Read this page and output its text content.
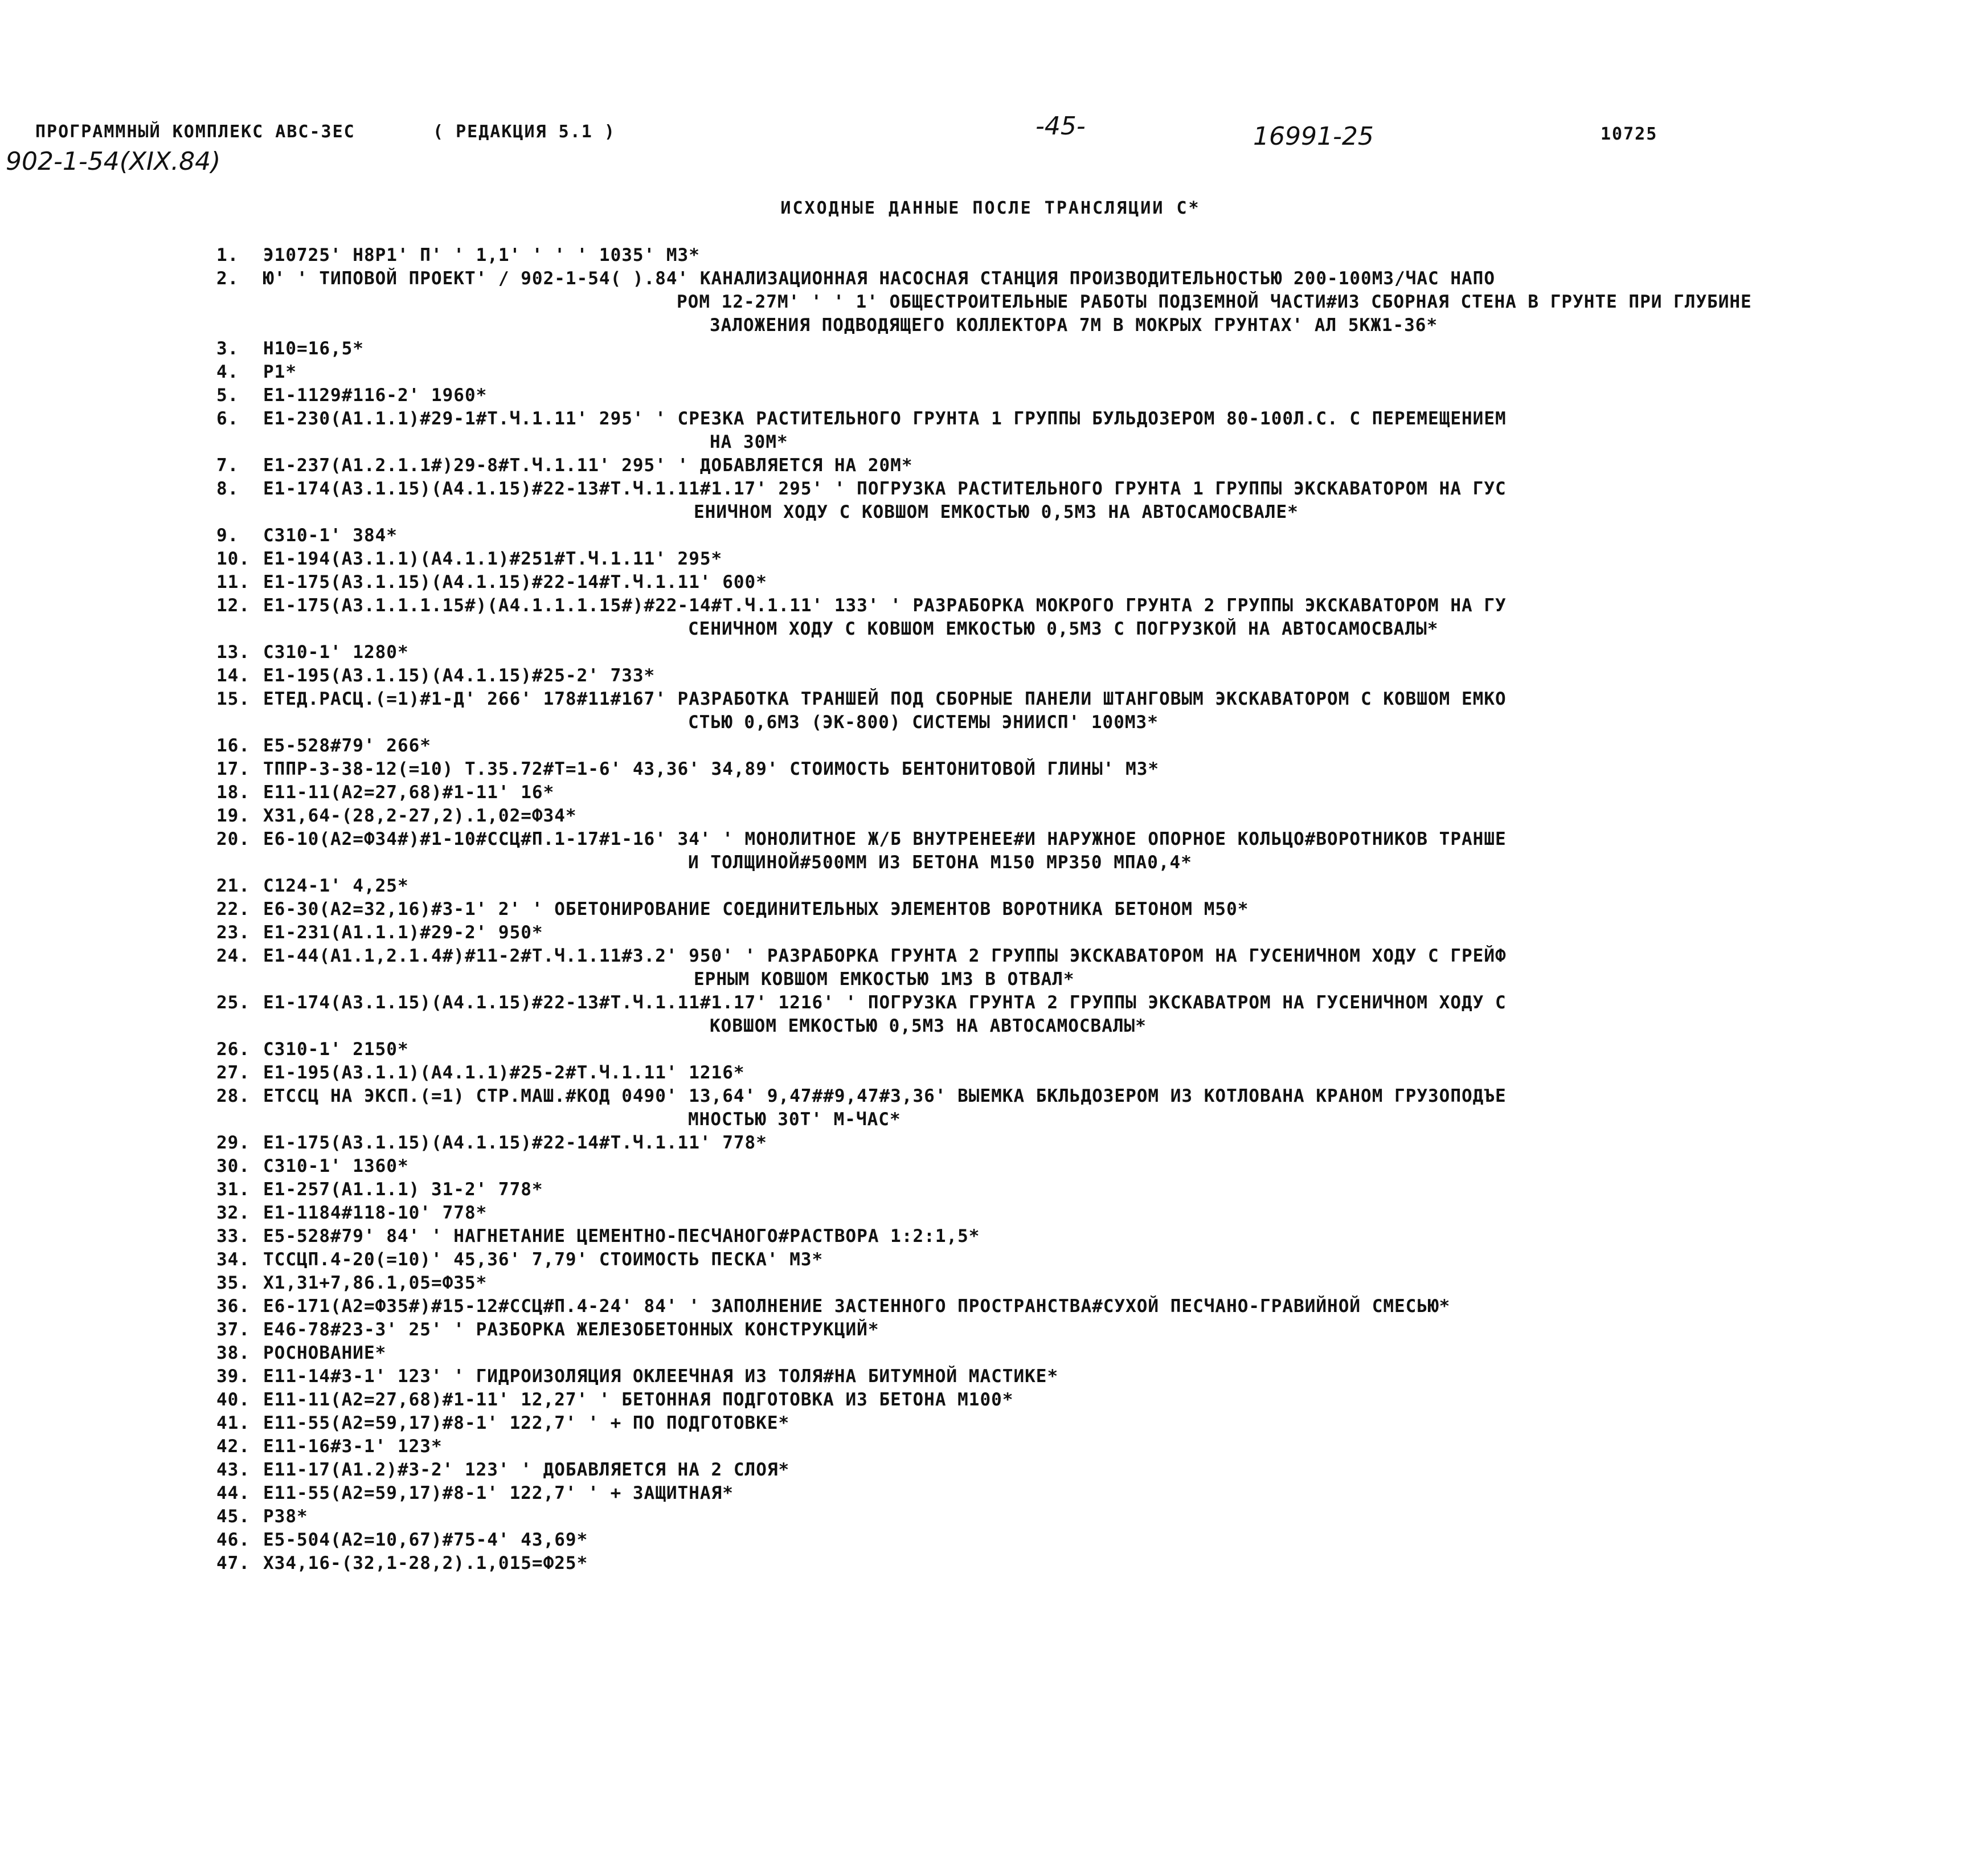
ПРОГРАММНЫЙ КОМПЛЕКС АВС-3ЕС	( РЕДАКЦИЯ 5.1 )	-45-	16991-25	10725
902-1-54(XIX.84)
ИСХОДНЫЕ ДАННЫЕ ПОСЛЕ ТРАНСЛЯЦИИ С*
1.	Э10725' Н8Р1' П' ' 1,1' ' ' ' 1035' М3*
2.	Ю' ' ТИПОВОЙ ПРОЕКТ' / 902-1-54( ).84' КАНАЛИЗАЦИОННАЯ НАСОСНАЯ СТАНЦИЯ ПРОИЗВОДИТЕЛЬНОСТЬЮ 200-100М3/ЧАС НАПО
РОМ 12-27М' ' ' 1' ОБЩЕСТРОИТЕЛЬНЫЕ РАБОТЫ ПОДЗЕМНОЙ ЧАСТИ#ИЗ СБОРНАЯ СТЕНА В ГРУНТЕ ПРИ ГЛУБИНЕ
ЗАЛОЖЕНИЯ ПОДВОДЯЩЕГО КОЛЛЕКТОРА 7М В МОКРЫХ ГРУНТАХ' АЛ 5КЖ1-36*
3.	Н10=16,5*
4.	Р1*
5.	Е1-1129#116-2' 1960*
6.	Е1-230(А1.1.1)#29-1#Т.Ч.1.11' 295' ' СРЕЗКА РАСТИТЕЛЬНОГО ГРУНТА 1 ГРУППЫ БУЛЬДОЗЕРОМ 80-100Л.С. С ПЕРЕМЕЩЕНИЕМ
НА 30М*
7.	Е1-237(А1.2.1.1#)29-8#Т.Ч.1.11' 295' ' ДОБАВЛЯЕТСЯ НА 20М*
8.	Е1-174(А3.1.15)(А4.1.15)#22-13#Т.Ч.1.11#1.17' 295' ' ПОГРУЗКА РАСТИТЕЛЬНОГО ГРУНТА 1 ГРУППЫ ЭКСКАВАТОРОМ НА ГУС
ЕНИЧНОМ ХОДУ С КОВШОМ ЕМКОСТЬЮ 0,5М3 НА АВТОСАМОСВАЛЕ*
9.	С310-1' 384*
10. Е1-194(А3.1.1)(А4.1.1)#251#Т.Ч.1.11' 295*
11. Е1-175(А3.1.15)(А4.1.15)#22-14#Т.Ч.1.11' 600*
12. Е1-175(А3.1.1.1.15#)(А4.1.1.1.15#)#22-14#Т.Ч.1.11' 133' ' РАЗРАБОРКА МОКРОГО ГРУНТА 2 ГРУППЫ ЭКСКАВАТОРОМ НА ГУ
СЕНИЧНОМ ХОДУ С КОВШОМ ЕМКОСТЬЮ 0,5М3 С ПОГРУЗКОЙ НА АВТОСАМОСВАЛЫ*
13. С310-1' 1280*
14. Е1-195(А3.1.15)(А4.1.15)#25-2' 733*
15. ЕТЕД.РАСЦ.(=1)#1-Д' 266' 178#11#167' РАЗРАБОТКА ТРАНШЕЙ ПОД СБОРНЫЕ ПАНЕЛИ ШТАНГОВЫМ ЭКСКАВАТОРОМ С КОВШОМ ЕМКО
СТЬЮ 0,6М3 (ЭК-800) СИСТЕМЫ ЭНИИСП' 100М3*
16. Е5-528#79' 266*
17. ТППР-3-38-12(=10) Т.35.72#Т=1-6' 43,36' 34,89' СТОИМОСТЬ БЕНТОНИТОВОЙ ГЛИНЫ' М3*
18. Е11-11(А2=27,68)#1-11' 16*
19. Х31,64-(28,2-27,2).1,02=Ф34*
20. Е6-10(А2=Ф34#)#1-10#ССЦ#П.1-17#1-16' 34' ' МОНОЛИТНОЕ Ж/Б ВНУТРЕНЕЕ#И НАРУЖНОЕ ОПОРНОЕ КОЛЬЦО#ВОРОТНИКОВ ТРАНШЕ
И ТОЛЩИНОЙ#500ММ ИЗ БЕТОНА М150 МР350 МПА0,4*
21. С124-1' 4,25*
22. Е6-30(А2=32,16)#3-1' 2' ' ОБЕТОНИРОВАНИЕ СОЕДИНИТЕЛЬНЫХ ЭЛЕМЕНТОВ ВОРОТНИКА БЕТОНОМ М50*
23. Е1-231(А1.1.1)#29-2' 950*
24. Е1-44(А1.1,2.1.4#)#11-2#Т.Ч.1.11#3.2' 950' ' РАЗРАБОРКА ГРУНТА 2 ГРУППЫ ЭКСКАВАТОРОМ НА ГУСЕНИЧНОМ ХОДУ С ГРЕЙФ
ЕРНЫМ КОВШОМ ЕМКОСТЬЮ 1М3 В ОТВАЛ*
25. Е1-174(А3.1.15)(А4.1.15)#22-13#Т.Ч.1.11#1.17' 1216' ' ПОГРУЗКА ГРУНТА 2 ГРУППЫ ЭКСКАВАТРОМ НА ГУСЕНИЧНОМ ХОДУ С
КОВШОМ ЕМКОСТЬЮ 0,5М3 НА АВТОСАМОСВАЛЫ*
26. С310-1' 2150*
27. Е1-195(А3.1.1)(А4.1.1)#25-2#Т.Ч.1.11' 1216*
28. ЕТССЦ НА ЭКСП.(=1) СТР.МАШ.#КОД 0490' 13,64' 9,47##9,47#3,36' ВЫЕМКА БКЛЬДОЗЕРОМ ИЗ КОТЛОВАНА КРАНОМ ГРУЗОПОДЪЕ
МНОСТЬЮ 30Т' М-ЧАС*
29. Е1-175(А3.1.15)(А4.1.15)#22-14#Т.Ч.1.11' 778*
30. С310-1' 1360*
31. Е1-257(А1.1.1) 31-2' 778*
32. Е1-1184#118-10' 778*
33. Е5-528#79' 84' ' НАГНЕТАНИЕ ЦЕМЕНТНО-ПЕСЧАНОГО#РАСТВОРА 1:2:1,5*
34. ТССЦП.4-20(=10)' 45,36' 7,79' СТОИМОСТЬ ПЕСКА' М3*
35. Х1,31+7,86.1,05=Ф35*
36. Е6-171(А2=Ф35#)#15-12#ССЦ#П.4-24' 84' ' ЗАПОЛНЕНИЕ ЗАСТЕННОГО ПРОСТРАНСТВА#СУХОЙ ПЕСЧАНО-ГРАВИЙНОЙ СМЕСЬЮ*
37. Е46-78#23-3' 25' ' РАЗБОРКА ЖЕЛЕЗОБЕТОННЫХ КОНСТРУКЦИЙ*
38. РОСНОВАНИЕ*
39. Е11-14#3-1' 123' ' ГИДРОИЗОЛЯЦИЯ ОКЛЕЕЧНАЯ ИЗ ТОЛЯ#НА БИТУМНОЙ МАСТИКЕ*
40. Е11-11(А2=27,68)#1-11' 12,27' ' БЕТОННАЯ ПОДГОТОВКА ИЗ БЕТОНА М100*
41. Е11-55(А2=59,17)#8-1' 122,7' ' + ПО ПОДГОТОВКЕ*
42. Е11-16#3-1' 123*
43. Е11-17(А1.2)#3-2' 123' ' ДОБАВЛЯЕТСЯ НА 2 СЛОЯ*
44. Е11-55(А2=59,17)#8-1' 122,7' ' + ЗАЩИТНАЯ*
45. Р38*
46. Е5-504(А2=10,67)#75-4' 43,69*
47. Х34,16-(32,1-28,2).1,015=Ф25*
